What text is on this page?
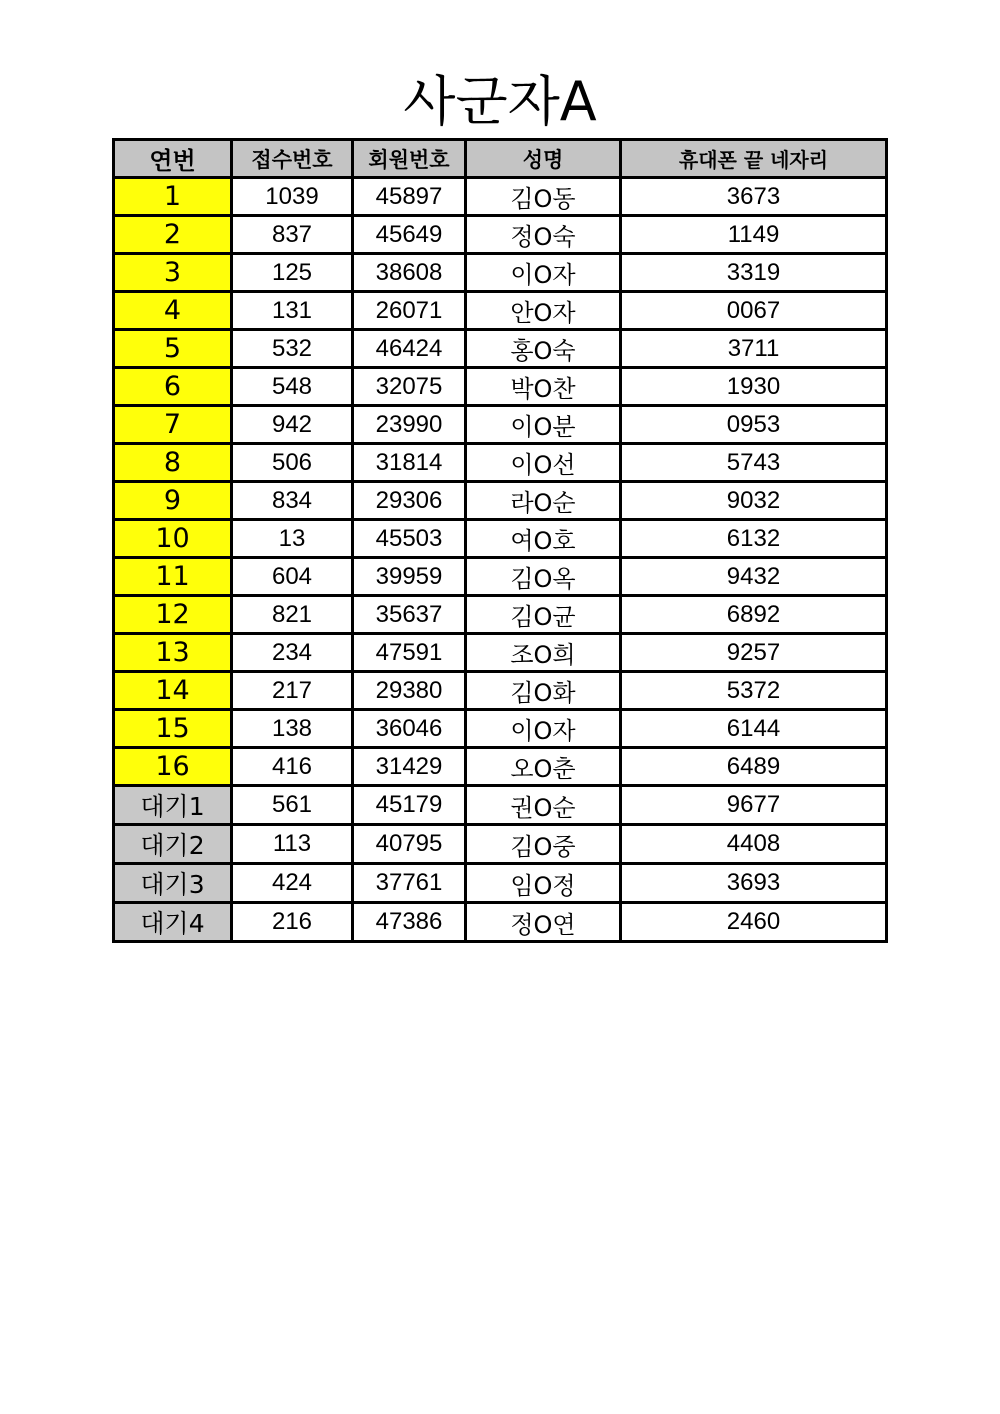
사군자A
연번	접수번호	회원번호	성명	휴대폰 끝 네자리
1	1039	45897	김O동	3673
2	837	45649	정O숙	1149
3	125	38608	이O자	3319
4	131	26071	안O자	0067
5	532	46424	홍O숙	3711
6	548	32075	박O찬	1930
7	942	23990	이O분	0953
8	506	31814	이O선	5743
9	834	29306	라O순	9032
10	13	45503	여O호	6132
11	604	39959	김O옥	9432
12	821	35637	김O균	6892
13	234	47591	조O희	9257
14	217	29380	김O화	5372
15	138	36046	이O자	6144
16	416	31429	오O춘	6489
대기1	561	45179	권O순	9677
대기2	113	40795	김O중	4408
대기3	424	37761	임O정	3693
대기4	216	47386	정O연	2460
